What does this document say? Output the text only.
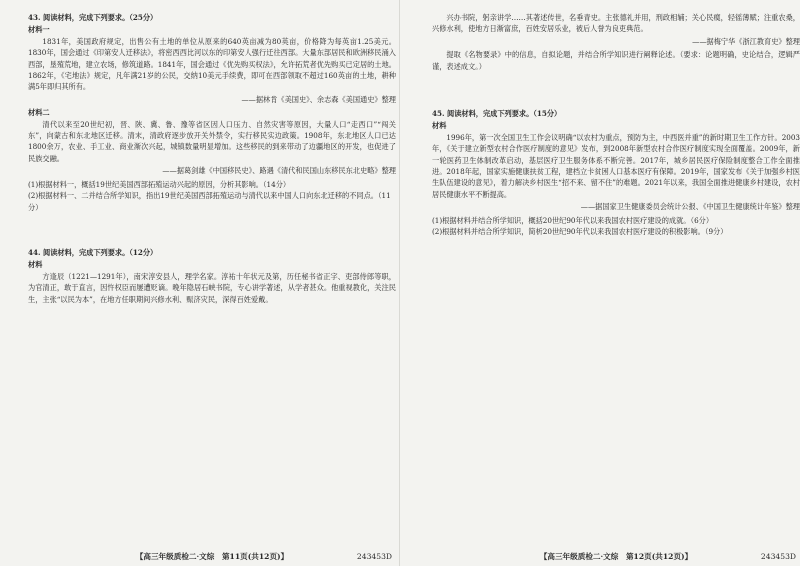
43. 阅读材料，完成下列要求。（25分）

材料一

1831年，美国政府规定，出售公有土地的单位从原来的640英亩减为80英亩，价格降为每英亩1.25美元。1830年，国会通过《印第安人迁移法》，将密西西比河以东的印第安人强行迁往西部。大量东部居民和欧洲移民涌入西部，垦殖荒地，建立农场，修筑道路。1841年，国会通过《优先购买权法》，允许拓荒者优先购买已定居的土地。1862年，《宅地法》规定，凡年满21岁的公民，交纳10美元手续费，即可在西部领取不超过160英亩的土地，耕种满5年即归其所有。

——据林肯《美国史》、余志森《美国通史》整理

材料二

清代以来至20世纪初，晋、陕、冀、鲁、豫等省区因人口压力、自然灾害等原因，大量人口“走西口”“闯关东”，向蒙古和东北地区迁移。清末，清政府逐步放开关外禁令，实行移民实边政策。1908年，东北地区人口已达1800余万，农业、手工业、商业渐次兴起，城镇数量明显增加。这些移民的到来带动了边疆地区的开发，也促进了民族交融。

——据葛剑雄《中国移民史》、路遇《清代和民国山东移民东北史略》整理

(1)根据材料一，概括19世纪美国西部拓殖运动兴起的原因，分析其影响。（14分）

(2)根据材料一、二并结合所学知识，指出19世纪美国西部拓殖运动与清代以来中国人口向东北迁移的不同点。（11分）

44. 阅读材料，完成下列要求。（12分）

材料

方逢辰（1221—1291年），南宋淳安县人，理学名家。淳祐十年状元及第，历任秘书省正字、吏部侍郎等职，为官清正，敢于直言，因忤权臣而屡遭贬谪。晚年隐居石峡书院，专心讲学著述，从学者甚众。他重视教化，关注民生，主张“以民为本”，在地方任职期间兴修水利、赈济灾民，深得百姓爱戴。

【高三年级质检二·文综　第11页(共12页)】	243453D

兴办书院，躬亲讲学……其著述传世，名垂青史。主张德礼并用，刑政相辅；关心民瘼，轻徭薄赋；注重农桑，兴修水利，使地方日渐富庶，百姓安居乐业，被后人誉为良吏典范。

——据梅宁华《浙江教育史》整理

提取《名物要录》中的信息，自拟论题，并结合所学知识进行阐释论述。（要求：论题明确，史论结合，逻辑严谨，表述成文。）

45. 阅读材料，完成下列要求。（15分）

材料

1996年，第一次全国卫生工作会议明确“以农村为重点，预防为主，中西医并重”的新时期卫生工作方针。2003年，《关于建立新型农村合作医疗制度的意见》发布，到2008年新型农村合作医疗制度实现全面覆盖。2009年，新一轮医药卫生体制改革启动，基层医疗卫生服务体系不断完善。2017年，城乡居民医疗保险制度整合工作全面推进。2018年起，国家实施健康扶贫工程，建档立卡贫困人口基本医疗有保障。2019年，国家发布《关于加强乡村医生队伍建设的意见》，着力解决乡村医生“招不来、留不住”的难题。2021年以来，我国全面推进健康乡村建设，农村居民健康水平不断提高。

——据国家卫生健康委员会统计公报、《中国卫生健康统计年鉴》整理

(1)根据材料并结合所学知识，概括20世纪90年代以来我国农村医疗建设的成就。（6分）

(2)根据材料并结合所学知识，简析20世纪90年代以来我国农村医疗建设的积极影响。（9分）

【高三年级质检二·文综　第12页(共12页)】	243453D
